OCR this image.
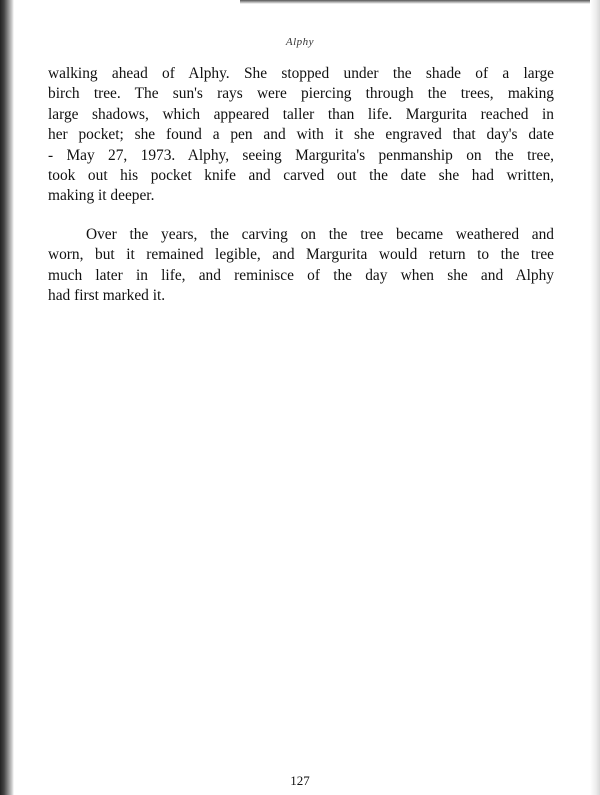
Alphy
walking ahead of Alphy. She stopped under the shade of a large
birch tree. The sun's rays were piercing through the trees, making
large shadows, which appeared taller than life. Margurita reached in
her pocket; she found a pen and with it she engraved that day's date
- May 27, 1973. Alphy, seeing Margurita's penmanship on the tree,
took out his pocket knife and carved out the date she had written,
making it deeper.
Over the years, the carving on the tree became weathered and
worn, but it remained legible, and Margurita would return to the tree
much later in life, and reminisce of the day when she and Alphy
had first marked it.
127
